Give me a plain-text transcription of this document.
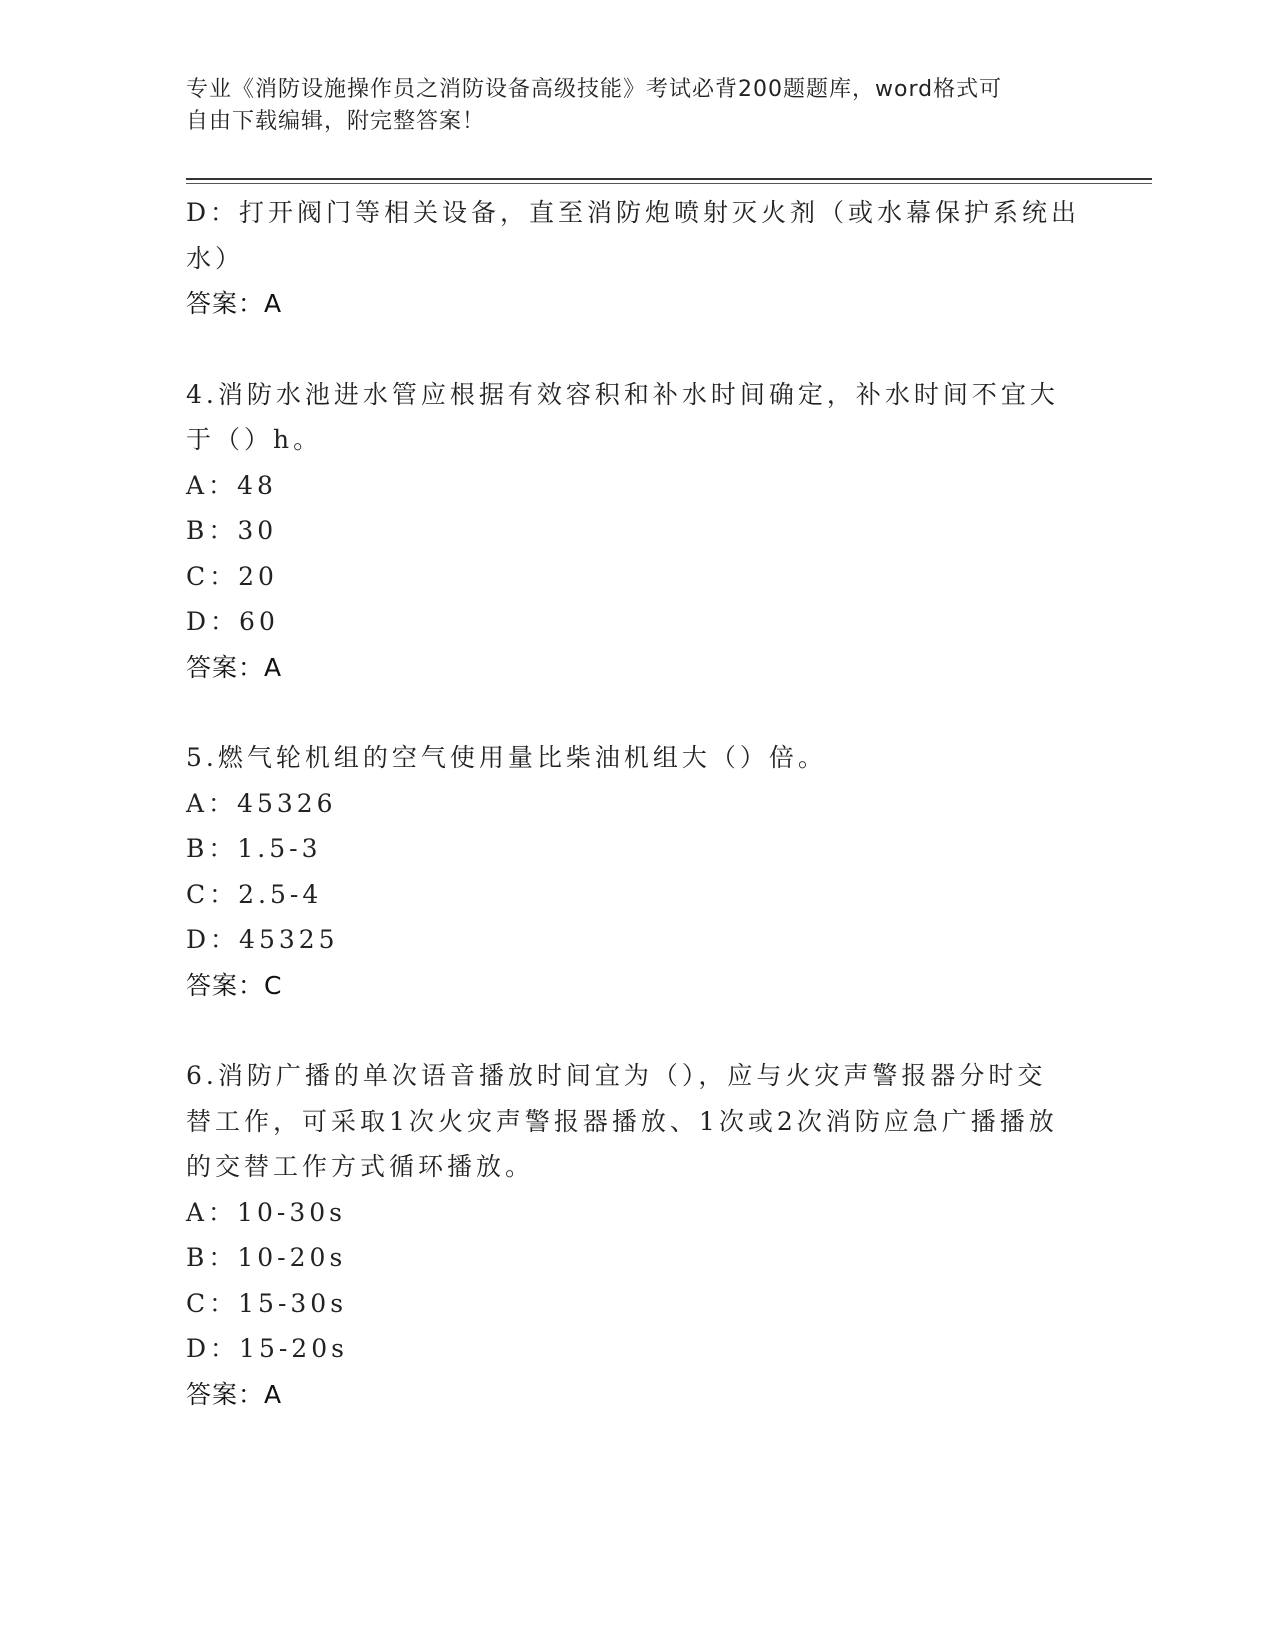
专业《消防设施操作员之消防设备高级技能》考试必背200题题库，word格式可
自由下载编辑，附完整答案！
D：打开阀门等相关设备，直至消防炮喷射灭火剂（或水幕保护系统出
水）
答案：A
4.消防水池进水管应根据有效容积和补水时间确定，补水时间不宜大
于（）h。
A：48
B：30
C：20
D：60
答案：A
5.燃气轮机组的空气使用量比柴油机组大（）倍。
A：45326
B：1.5-3
C：2.5-4
D：45325
答案：C
6.消防广播的单次语音播放时间宜为（），应与火灾声警报器分时交
替工作，可采取1次火灾声警报器播放、1次或2次消防应急广播播放
的交替工作方式循环播放。
A：10-30s
B：10-20s
C：15-30s
D：15-20s
答案：A
